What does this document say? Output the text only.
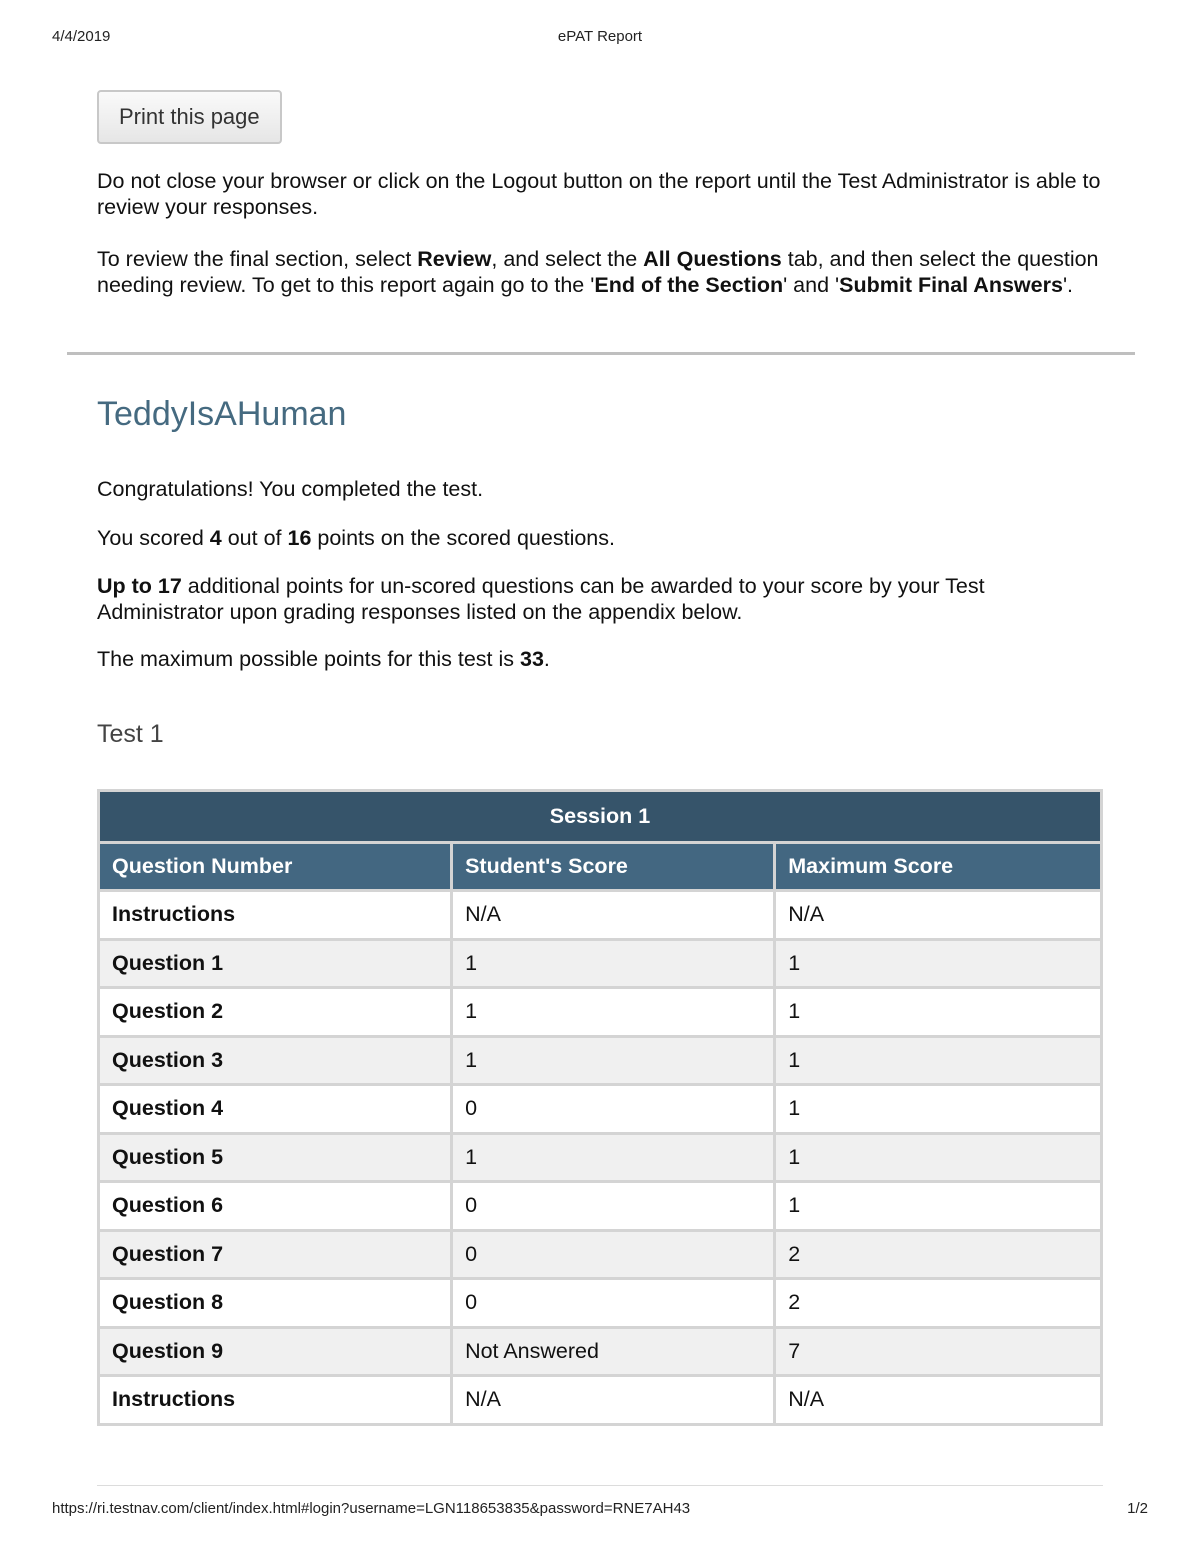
4/4/2019	ePAT Report
Print this page

Do not close your browser or click on the Logout button on the report until the Test Administrator is able to review your responses.

To review the final section, select Review, and select the All Questions tab, and then select the question needing review. To get to this report again go to the 'End of the Section' and 'Submit Final Answers'.

TeddyIsAHuman

Congratulations! You completed the test.

You scored 4 out of 16 points on the scored questions.

Up to 17 additional points for un-scored questions can be awarded to your score by your Test Administrator upon grading responses listed on the appendix below.

The maximum possible points for this test is 33.

Test 1
Session 1		
Question Number	Student's Score	Maximum Score
Instructions	N/A	N/A
Question 1	1	1
Question 2	1	1
Question 3	1	1
Question 4	0	1
Question 5	1	1
Question 6	0	1
Question 7	0	2
Question 8	0	2
Question 9	Not Answered	7
Instructions	N/A	N/A
https://ri.testnav.com/client/index.html#login?username=LGN118653835&password=RNE7AH43	1/2
